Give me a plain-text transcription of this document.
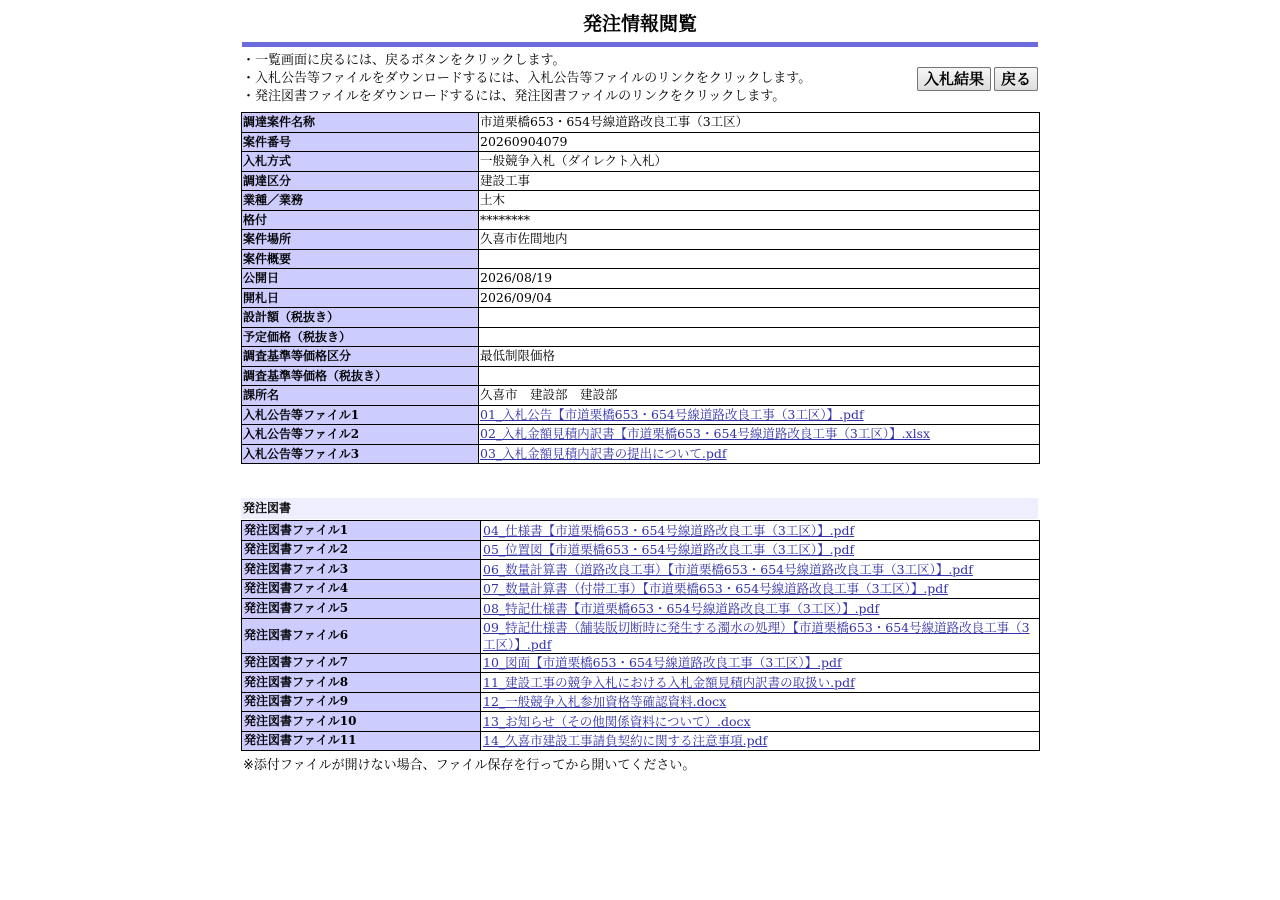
発注情報閲覧
・一覧画面に戻るには、戻るボタンをクリックします。
・入札公告等ファイルをダウンロードするには、入札公告等ファイルのリンクをクリックします。
・発注図書ファイルをダウンロードするには、発注図書ファイルのリンクをクリックします。
入札結果	戻る
調達案件名称	市道栗橋653・654号線道路改良工事（3工区）
案件番号	20260904079
入札方式	一般競争入札（ダイレクト入札）
調達区分	建設工事
業種／業務	土木
格付	********
案件場所	久喜市佐間地内
案件概要	
公開日	2026/08/19
開札日	2026/09/04
設計額（税抜き）	
予定価格（税抜き）	
調査基準等価格区分	最低制限価格
調査基準等価格（税抜き）	
課所名	久喜市　建設部　建設部
入札公告等ファイル1	01_入札公告【市道栗橋653・654号線道路改良工事（3工区）】.pdf
入札公告等ファイル2	02_入札金額見積内訳書【市道栗橋653・654号線道路改良工事（3工区）】.xlsx
入札公告等ファイル3	03_入札金額見積内訳書の提出について.pdf
発注図書
発注図書ファイル1	04_仕様書【市道栗橋653・654号線道路改良工事（3工区）】.pdf
発注図書ファイル2	05_位置図【市道栗橋653・654号線道路改良工事（3工区）】.pdf
発注図書ファイル3	06_数量計算書（道路改良工事）【市道栗橋653・654号線道路改良工事（3工区）】.pdf
発注図書ファイル4	07_数量計算書（付帯工事）【市道栗橋653・654号線道路改良工事（3工区）】.pdf
発注図書ファイル5	08_特記仕様書【市道栗橋653・654号線道路改良工事（3工区）】.pdf
発注図書ファイル6	09_特記仕様書（舗装版切断時に発生する濁水の処理）【市道栗橋653・654号線道路改良工事（3工区）】.pdf
発注図書ファイル7	10_図面【市道栗橋653・654号線道路改良工事（3工区）】.pdf
発注図書ファイル8	11_建設工事の競争入札における入札金額見積内訳書の取扱い.pdf
発注図書ファイル9	12_一般競争入札参加資格等確認資料.docx
発注図書ファイル10	13_お知らせ（その他関係資料について）.docx
発注図書ファイル11	14_久喜市建設工事請負契約に関する注意事項.pdf
※添付ファイルが開けない場合、ファイル保存を行ってから開いてください。
